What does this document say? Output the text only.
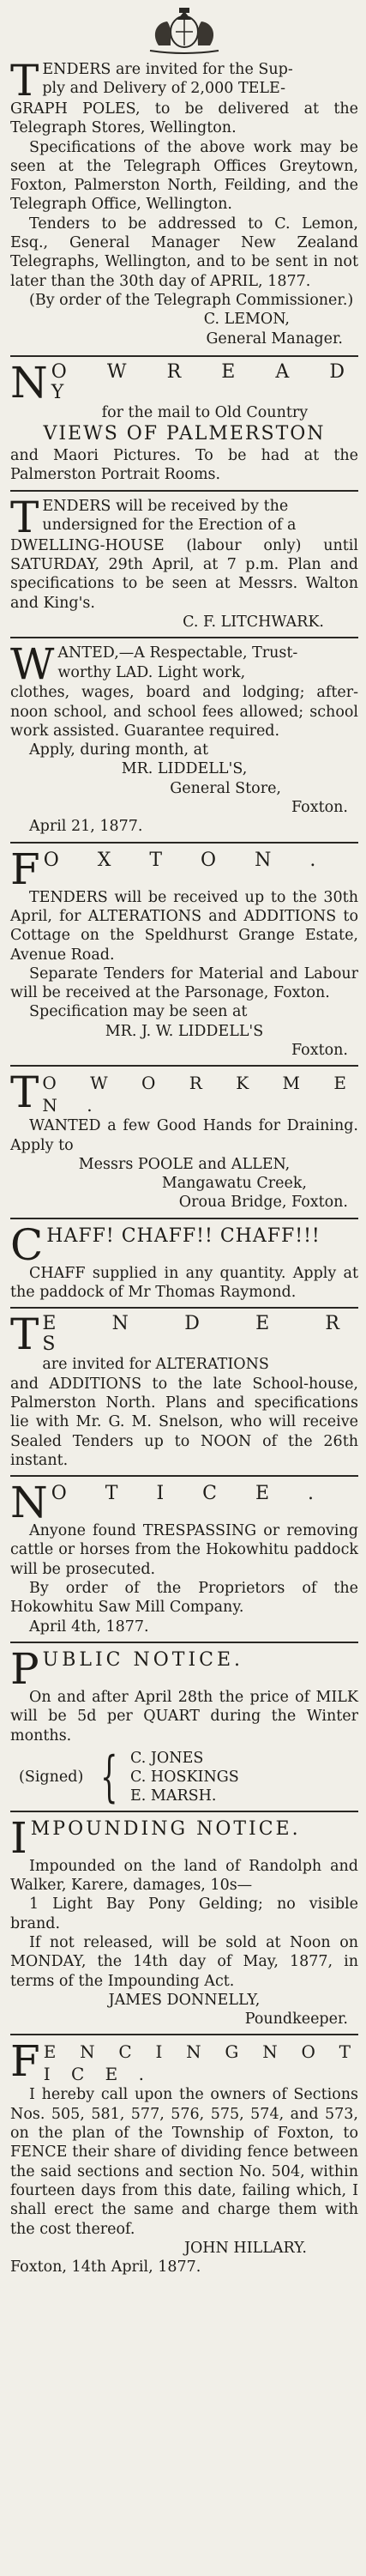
T ENDERS are invited for the Sup-

ply and Delivery of 2,000 TELE-

GRAPH POLES, to be delivered at the Telegraph Stores, Wellington.

Specifications of the above work may be seen at the Telegraph Offices Greytown, Foxton, Palmerston North, Feilding, and the Telegraph Office, Wellington.

Tenders to be addressed to C. Lemon, Esq., General Manager New Zealand Telegraphs, Wellington, and to be sent in not later than the 30th day of APRIL, 1877.

(By order of the Telegraph Commissioner.)

C. LEMON,

General Manager.

N O W R E A D Y

for the mail to Old Country

VIEWS OF PALMERSTON

and Maori Pictures. To be had at the Palmerston Portrait Rooms.

T ENDERS will be received by the

undersigned for the Erection of a

DWELLING-HOUSE (labour only) until SATURDAY, 29th April, at 7 p.m. Plan and specifications to be seen at Messrs. Walton and King's.

C. F. LITCHWARK.

W ANTED,—A Respectable, Trust-

worthy LAD. Light work,

clothes, wages, board and lodging; after-noon school, and school fees allowed; school work assisted. Guarantee required.

Apply, during month, at

MR. LIDDELL'S,

General Store,

Foxton.

April 21, 1877.

F O X T O N .

TENDERS will be received up to the 30th April, for ALTERATIONS and ADDITIONS to Cottage on the Speldhurst Grange Estate, Avenue Road.

Separate Tenders for Material and Labour will be received at the Parsonage, Foxton.

Specification may be seen at

MR. J. W. LIDDELL'S

Foxton.

T O W O R K M E N .

WANTED a few Good Hands for Draining. Apply to

Messrs POOLE and ALLEN,

Mangawatu Creek,

Oroua Bridge, Foxton.

C HAFF! CHAFF!! CHAFF!!!

CHAFF supplied in any quantity. Apply at the paddock of Mr Thomas Raymond.

T E N D E R S

are invited for ALTERATIONS

and ADDITIONS to the late School-house, Palmerston North. Plans and specifications lie with Mr. G. M. Snelson, who will receive Sealed Tenders up to NOON of the 26th instant.

N O T I C E .

Anyone found TRESPASSING or removing cattle or horses from the Hokowhitu paddock will be prosecuted.

By order of the Proprietors of the Hokowhitu Saw Mill Company.

April 4th, 1877.

P UBLIC NOTICE.

On and after April 28th the price of MILK will be 5d per QUART during the Winter months.

(Signed) { C. JONES

C. HOSKINGS

E. MARSH.

I MPOUNDING NOTICE.

Impounded on the land of Randolph and Walker, Karere, damages, 10s—

1 Light Bay Pony Gelding; no visible brand.

If not released, will be sold at Noon on MONDAY, the 14th day of May, 1877, in terms of the Impounding Act.

JAMES DONNELLY,

Poundkeeper.

F E N C I N G N O T I C E .

I hereby call upon the owners of Sections Nos. 505, 581, 577, 576, 575, 574, and 573, on the plan of the Township of Foxton, to FENCE their share of dividing fence between the said sections and section No. 504, within fourteen days from this date, failing which, I shall erect the same and charge them with the cost thereof.

JOHN HILLARY.

Foxton, 14th April, 1877.
